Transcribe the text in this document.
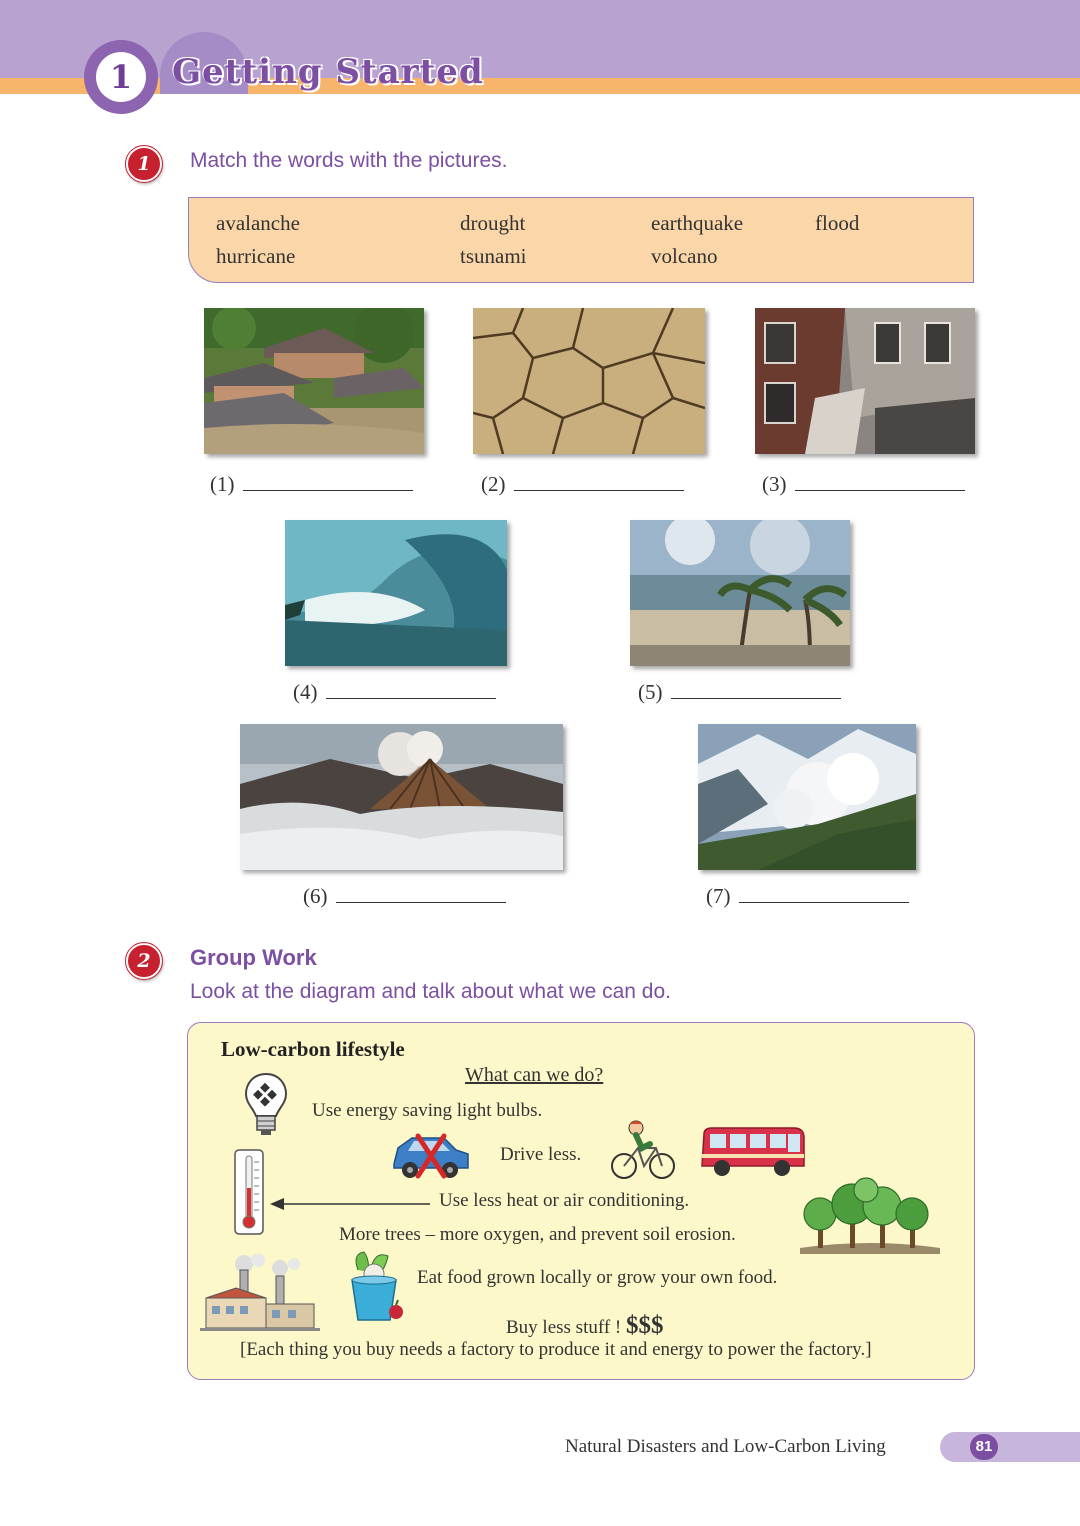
1	Getting Started
1	Match the words with the pictures.
avalanche	drought	earthquake	flood
hurricane	tsunami	volcano
(1)	(2)	(3)
(4)	(5)
(6)	(7)
2	Group Work
Look at the diagram and talk about what we can do.
Low-carbon lifestyle
What can we do?
Use energy saving light bulbs.
Drive less.
Use less heat or air conditioning.
More trees – more oxygen, and prevent soil erosion.
Eat food grown locally or grow your own food.
Buy less stuff ! $$$
[Each thing you buy needs a factory to produce it and energy to power the factory.]
Natural Disasters and Low-Carbon Living	81
